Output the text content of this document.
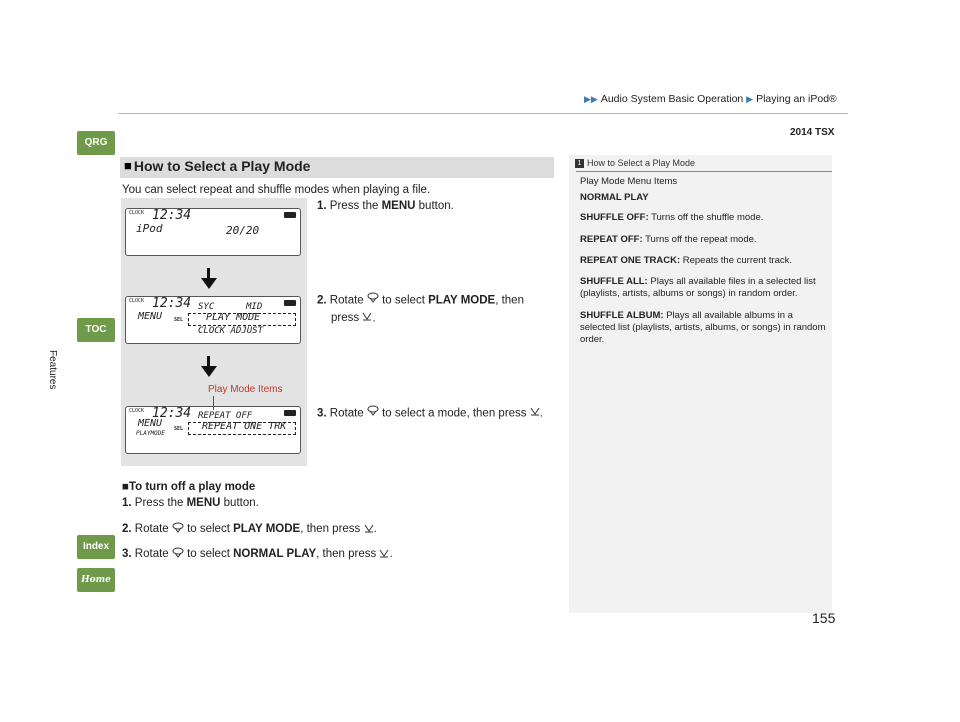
▶▶ Audio System Basic Operation ▶ Playing an iPod®
2014 TSX
QRG
TOC
Features
Index
Home
■ How to Select a Play Mode
You can select repeat and shuffle modes when playing a file.
CLOCK 12:34
iPod	20/20
CLOCK 12:34
MENU
SYC	MID
SEL PLAY MODE
CLOCK ADJUST
CLOCK 12:34
MENU
PLAYMODE
REPEAT OFF
SEL REPEAT ONE TRK
Play Mode Items
1. Press the MENU button.
2. Rotate  to select PLAY MODE, then
press .
3. Rotate  to select a mode, then press .
■To turn off a play mode
1. Press the MENU button.
2. Rotate  to select PLAY MODE, then press .
3. Rotate  to select NORMAL PLAY, then press .
1 How to Select a Play Mode
Play Mode Menu Items
NORMAL PLAY
SHUFFLE OFF: Turns off the shuffle mode.
REPEAT OFF: Turns off the repeat mode.
REPEAT ONE TRACK: Repeats the current track.
SHUFFLE ALL: Plays all available files in a selected list (playlists, artists, albums or songs) in random order.
SHUFFLE ALBUM: Plays all available albums in a selected list (playlists, artists, albums, or songs) in random order.
155
